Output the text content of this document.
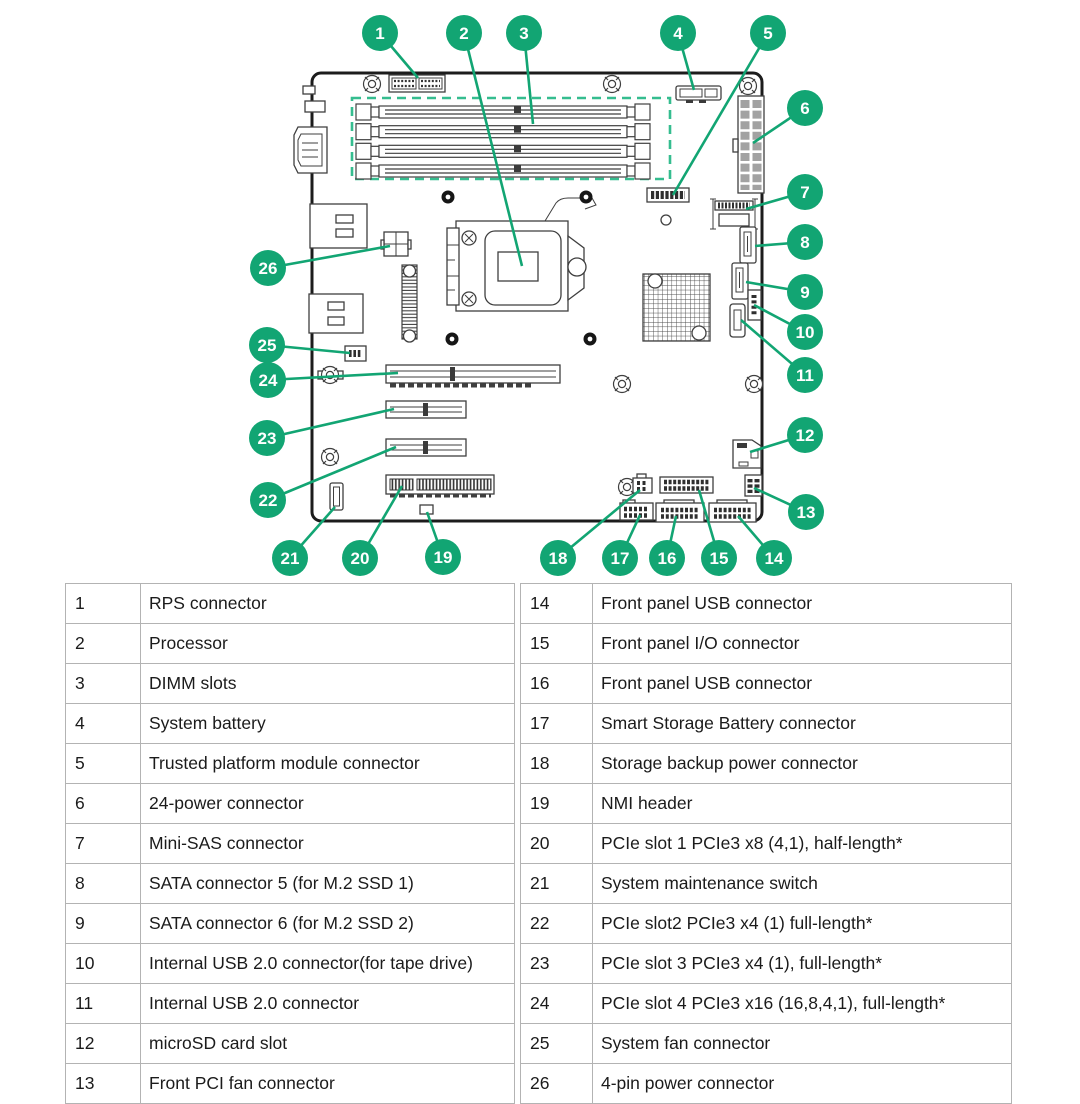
1	2	3	4	5
6
7
8
9
10
11
12
13
14
15
16
17
18
19
20
21
22
23
24
25
26
1	RPS connector
2	Processor
3	DIMM slots
4	System battery
5	Trusted platform module connector
6	24-power connector
7	Mini-SAS connector
8	SATA connector 5 (for M.2 SSD 1)
9	SATA connector 6 (for M.2 SSD 2)
10	Internal USB 2.0 connector(for tape drive)
11	Internal USB 2.0 connector
12	microSD card slot
13	Front PCI fan connector
14	Front panel USB connector
15	Front panel I/O connector
16	Front panel USB connector
17	Smart Storage Battery connector
18	Storage backup power connector
19	NMI header
20	PCIe slot 1 PCIe3 x8 (4,1), half-length*
21	System maintenance switch
22	PCIe slot2 PCIe3 x4 (1) full-length*
23	PCIe slot 3 PCIe3 x4 (1), full-length*
24	PCIe slot 4 PCIe3 x16 (16,8,4,1), full-length*
25	System fan connector
26	4-pin power connector
